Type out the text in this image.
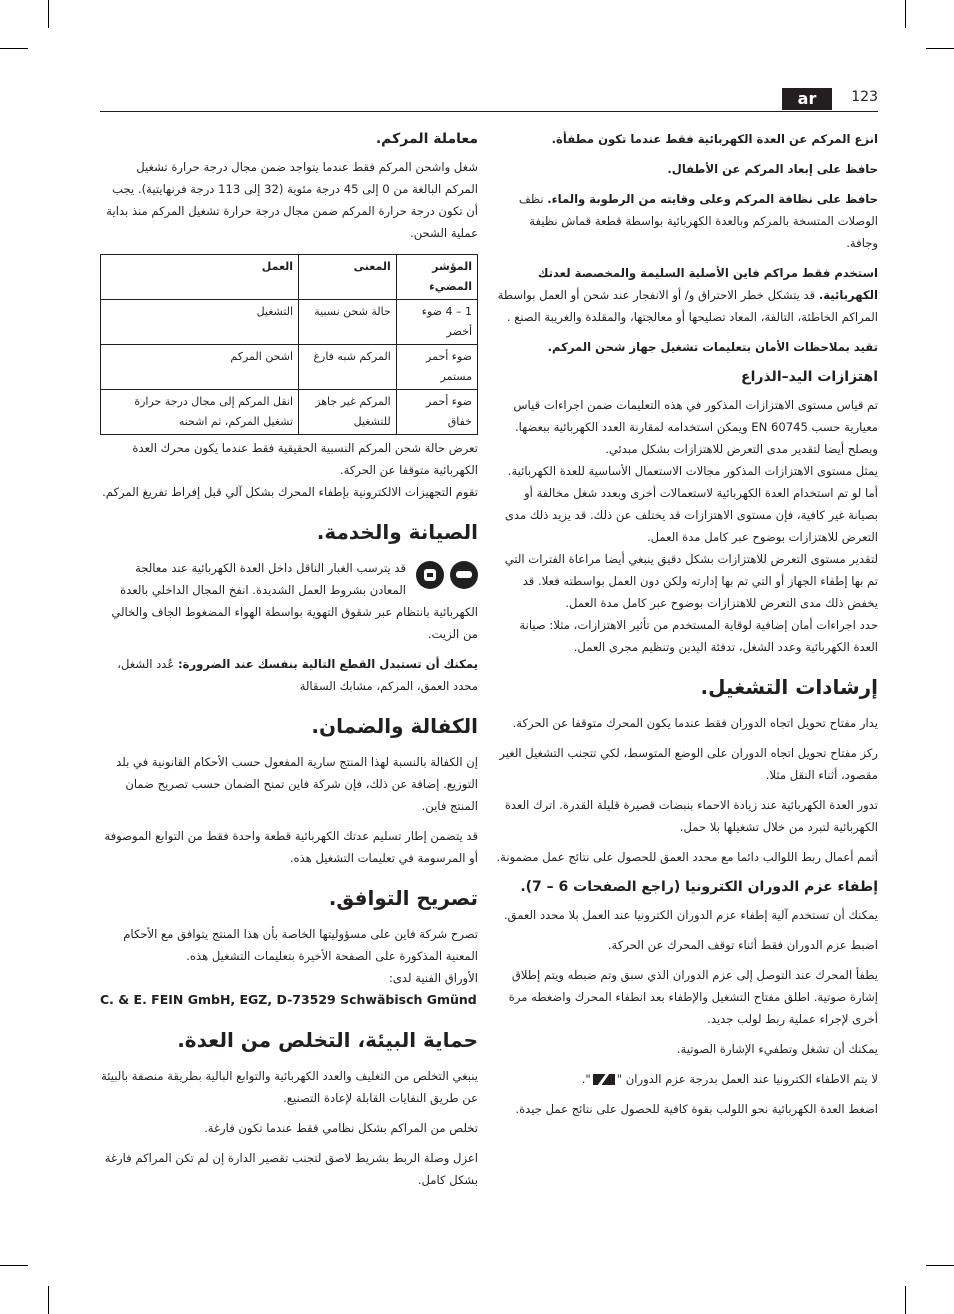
ar	123

انزع المركم عن العدة الكهربائية فقط عندما تكون مطفأة.

حافظ على إبعاد المركم عن الأطفال.

حافظ على نظافة المركم وعلى وقايته من الرطوبة والماء. نظف الوصلات المتسخة بالمركم وبالعدة الكهربائية بواسطة قطعة قماش نظيفة وجافة.

استخدم فقط مراكم فاين الأصلية السليمة والمخصصة لعدتك الكهربائية. قد يتشكل خطر الاحتراق و/ أو الانفجار عند شحن أو العمل بواسطة المراكم الخاطئة، التالفة، المعاد تصليحها أو معالجتها، والمقلدة والغريبة الصنع .

تقيد بملاحظات الأمان بتعليمات تشغيل جهاز شحن المركم.

اهتزازات اليد–الذراع

تم قياس مستوى الاهتزازات المذكور في هذه التعليمات ضمن اجراءات قياس معيارية حسب EN 60745 ويمكن استخدامه لمقارنة العدد الكهربائية ببعضها. ويصلح أيضا لتقدير مدى التعرض للاهتزازات بشكل مبدئي.

يمثل مستوى الاهتزازات المذكور مجالات الاستعمال الأساسية للعدة الكهربائية. أما لو تم استخدام العدة الكهربائية لاستعمالات أخرى وبعدد شغل مخالفة أو بصيانة غير كافية، فإن مستوى الاهتزازات قد يختلف عن ذلك. قد يزيد ذلك مدى التعرض للاهتزازات بوضوح عبر كامل مدة العمل.

لتقدير مستوى التعرض للاهتزازات بشكل دقيق ينبغي أيضا مراعاة الفترات التي تم بها إطفاء الجهاز أو التي تم بها إدارته ولكن دون العمل بواسطته فعلا. قد يخفض ذلك مدى التعرض للاهتزازات بوضوح عبر كامل مدة العمل.

حدد اجراءات أمان إضافية لوقاية المستخدم من تأثير الاهتزازات، مثلا: صيانة العدة الكهربائية وعدد الشغل، تدفئة اليدين وتنظيم مجرى العمل.

إرشادات التشغيل.

يدار مفتاح تحويل اتجاه الدوران فقط عندما يكون المحرك متوقفا عن الحركة.

ركز مفتاح تحويل اتجاه الدوران على الوضع المتوسط، لكي تتجنب التشغيل الغير مقصود، أثناء النقل مثلا.

تدور العدة الكهربائية عند زيادة الاحماء بنبضات قصيرة قليلة القدرة. اترك العدة الكهربائية لتبرد من خلال تشغيلها بلا حمل.

أتمم أعمال ربط اللوالب دائما مع محدد العمق للحصول على نتائج عمل مضمونة.

إطفاء عزم الدوران الكترونيا (راجع الصفحات 6 – 7).

يمكنك أن تستخدم آلية إطفاء عزم الدوران الكترونيا عند العمل بلا محدد العمق.

اضبط عزم الدوران فقط أثناء توقف المحرك عن الحركة.

يطفأ المحرك عند التوصل إلى عزم الدوران الذي سبق وتم ضبطه ويتم إطلاق إشارة صوتية. اطلق مفتاح التشغيل والإطفاء بعد انطفاء المحرك واضغطه مرة أخرى لإجراء عملية ربط لولب جديد.

يمكنك أن تشغل وتطفيء الإشارة الصوتية.

لا يتم الاطفاء الكترونيا عند العمل بدرجة عزم الدوران "".

اضغط العدة الكهربائية نحو اللولب بقوة كافية للحصول على نتائج عمل جيدة.

معاملة المركم.

شغل واشحن المركم فقط عندما يتواجد ضمن مجال درجة حرارة تشغيل المركم البالغة من 0 إلى 45 درجة مئوية (32 إلى 113 درجة فرنهايتية). يجب أن تكون درجة حرارة المركم ضمن مجال درجة حرارة تشغيل المركم منذ بداية عملية الشحن.

المؤشر المضيء	المعنى	العمل
1 – 4 ضوء أخضر	حالة شحن نسبية	التشغيل
ضوء أحمر مستمر	المركم شبه فارغ	اشحن المركم
ضوء أحمر خفاق	المركم غير جاهز للتشغيل	انقل المركم إلى مجال درجة حرارة تشغيل المركم، ثم اشحنه

تعرض حالة شحن المركم النسبية الحقيقية فقط عندما يكون محرك العدة الكهربائية متوقفا عن الحركة.

تقوم التجهيزات الالكترونية بإطفاء المحرك بشكل آلي قبل إفراط تفريغ المركم.

الصيانة والخدمة.

قد يترسب الغبار الناقل داخل العدة الكهربائية عند معالجة المعادن بشروط العمل الشديدة. انفخ المجال الداخلي بالعدة الكهربائية بانتظام عبر شقوق التهوية بواسطة الهواء المضغوط الجاف والخالي من الزيت.

يمكنك أن تستبدل القطع التالية بنفسك عند الضرورة: عُدد الشغل، محدد العمق، المركم، مشابك السقالة

الكفالة والضمان.

إن الكفالة بالنسبة لهذا المنتج سارية المفعول حسب الأحكام القانونية في بلد التوزيع. إضافة عن ذلك، فإن شركة فاين تمنح الضمان حسب تصريح ضمان المنتج فاين.

قد يتضمن إطار تسليم عدتك الكهربائية قطعة واحدة فقط من التوابع الموصوفة أو المرسومة في تعليمات التشغيل هذه.

تصريح التوافق.

تصرح شركة فاين على مسؤوليتها الخاصة بأن هذا المنتج يتوافق مع الأحكام المعنية المذكورة على الصفحة الأخيرة بتعليمات التشغيل هذه.

الأوراق الفنية لدى:

C. & E. FEIN GmbH, EGZ, D-73529 Schwäbisch Gmünd

حماية البيئة، التخلص من العدة.

ينبغي التخلص من التغليف والعدد الكهربائية والتوابع البالية بطريقة منصفة بالبيئة عن طريق النفايات القابلة لإعادة التصنيع.

تخلص من المراكم بشكل نظامي فقط عندما تكون فارغة.

اعزل وصلة الربط بشريط لاصق لتجنب تقصير الدارة إن لم تكن المراكم فارغة بشكل كامل.
